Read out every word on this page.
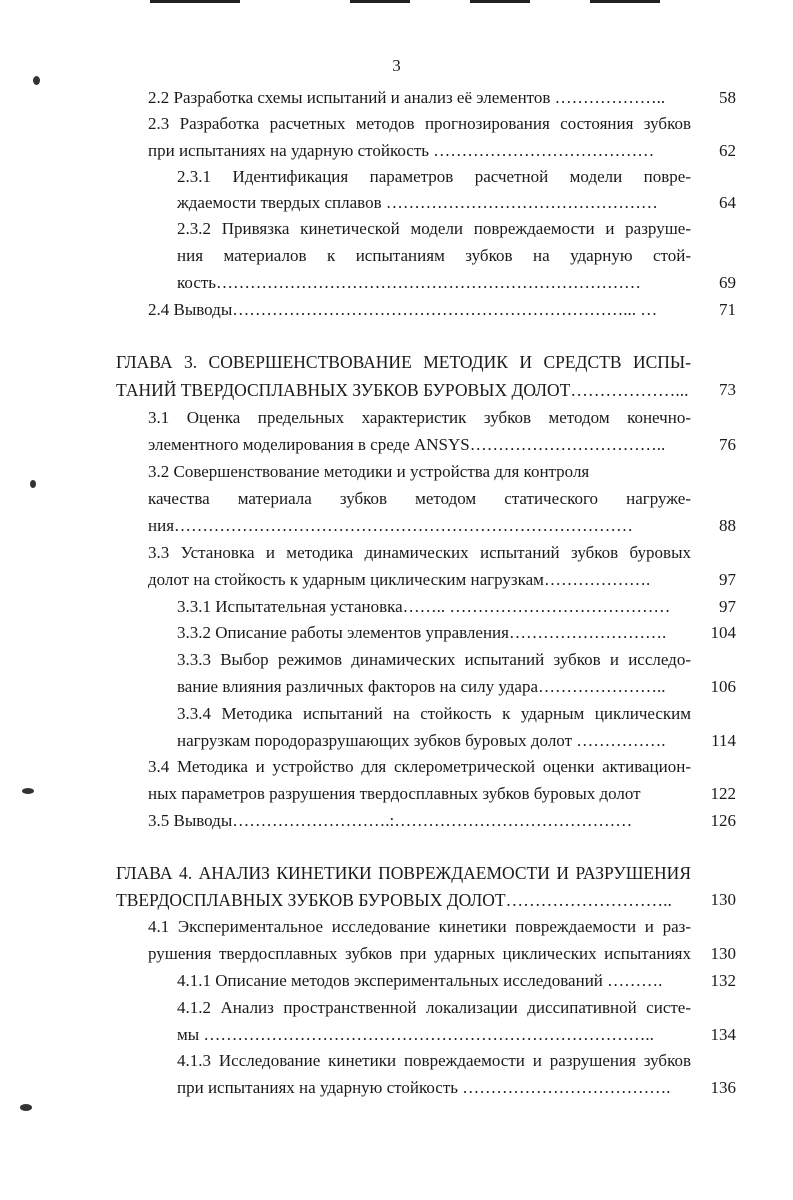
3
2.2 Разработка схемы испытаний и анализ её элементов ………………..	58
2.3 Разработка расчетных методов прогнозирования состояния зубков
при испытаниях на ударную стойкость …………………………………	62
2.3.1 Идентификация параметров расчетной модели повре-
ждаемости твердых сплавов …………………………………………	64
2.3.2 Привязка кинетической модели повреждаемости и разруше-
ния материалов к испытаниям зубков на ударную стой-
кость…………………………………………………………………	69
2.4 Выводы……………………………………………………………... …	71
ГЛАВА 3. СОВЕРШЕНСТВОВАНИЕ МЕТОДИК И СРЕДСТВ ИСПЫ-
ТАНИЙ ТВЕРДОСПЛАВНЫХ ЗУБКОВ БУРОВЫХ ДОЛОТ………………...	73
3.1 Оценка предельных характеристик зубков методом конечно-
элементного моделирования в среде ANSYS……………………………..	76
3.2 Совершенствование методики и устройства для контроля
качества материала зубков методом статического нагруже-
ния………………………………………………………………………	88
3.3 Установка и методика динамических испытаний зубков буровых
долот на стойкость к ударным циклическим нагрузкам……………….	97
3.3.1 Испытательная установка…….. …………………………………	97
3.3.2 Описание работы элементов управления……………………….	104
3.3.3 Выбор режимов динамических испытаний зубков и исследо-
вание влияния различных факторов на силу удара…………………..	106
3.3.4 Методика испытаний на стойкость к ударным циклическим
нагрузкам породоразрушающих зубков буровых долот …………….	114
3.4 Методика и устройство для склерометрической оценки активацион-
ных параметров разрушения твердосплавных зубков буровых долот	122
3.5 Выводы……………………….:……………………………………	126
ГЛАВА 4. АНАЛИЗ КИНЕТИКИ ПОВРЕЖДАЕМОСТИ И РАЗРУШЕНИЯ
ТВЕРДОСПЛАВНЫХ ЗУБКОВ БУРОВЫХ ДОЛОТ………………………..	130
4.1 Экспериментальное исследование кинетики повреждаемости и раз-
рушения твердосплавных зубков при ударных циклических испытаниях	130
4.1.1 Описание методов экспериментальных исследований ……….	132
4.1.2 Анализ пространственной локализации диссипативной систе-
мы ……………………………………………………………………..	134
4.1.3 Исследование кинетики повреждаемости и разрушения зубков
при испытаниях на ударную стойкость ……………………………….	136
